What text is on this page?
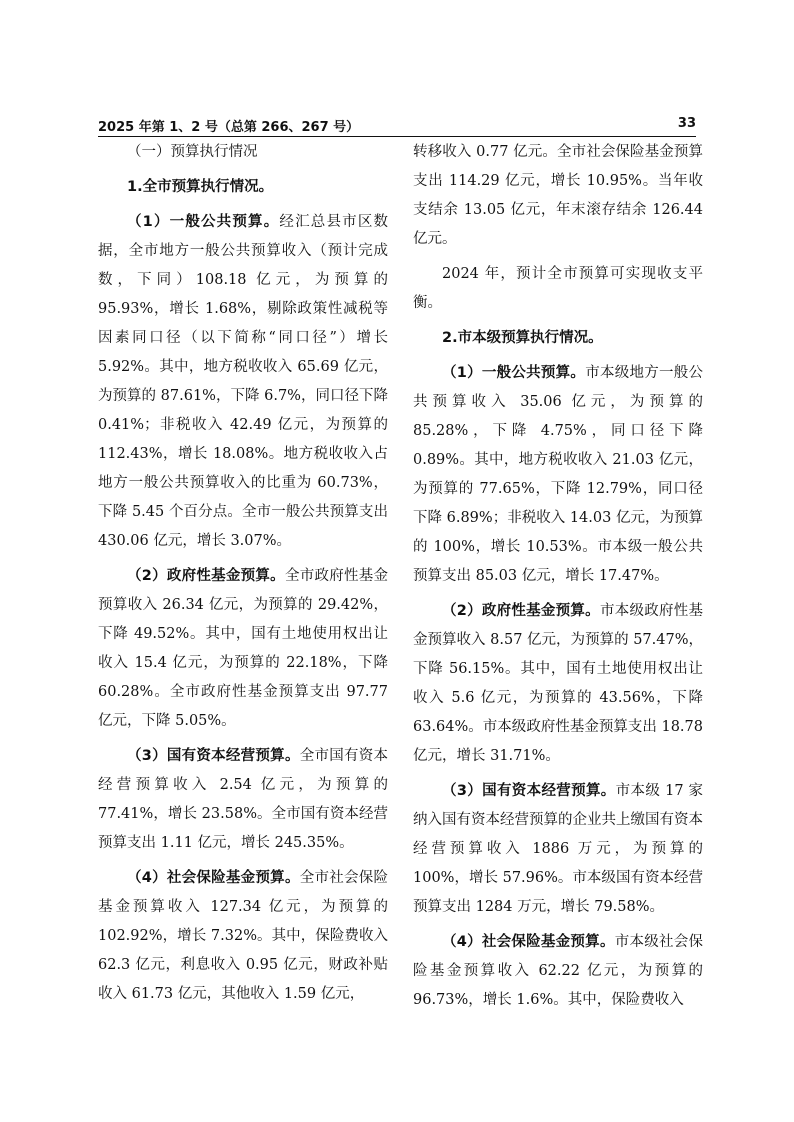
2025 年第 1、2 号（总第 266、267 号）	33

（一）预算执行情况

1.全市预算执行情况。

（1）一般公共预算。经汇总县市区数据，全市地方一般公共预算收入（预计完成数，下同）108.18 亿元，为预算的 95.93%，增长 1.68%，剔除政策性减税等因素同口径（以下简称“同口径”）增长 5.92%。其中，地方税收收入 65.69 亿元，为预算的 87.61%，下降 6.7%，同口径下降 0.41%；非税收入 42.49 亿元，为预算的 112.43%，增长 18.08%。地方税收收入占地方一般公共预算收入的比重为 60.73%，下降 5.45 个百分点。全市一般公共预算支出 430.06 亿元，增长 3.07%。

（2）政府性基金预算。全市政府性基金预算收入 26.34 亿元，为预算的 29.42%，下降 49.52%。其中，国有土地使用权出让收入 15.4 亿元，为预算的 22.18%，下降 60.28%。全市政府性基金预算支出 97.77 亿元，下降 5.05%。

（3）国有资本经营预算。全市国有资本经营预算收入 2.54 亿元，为预算的 77.41%，增长 23.58%。全市国有资本经营预算支出 1.11 亿元，增长 245.35%。

（4）社会保险基金预算。全市社会保险基金预算收入 127.34 亿元，为预算的 102.92%，增长 7.32%。其中，保险费收入 62.3 亿元，利息收入 0.95 亿元，财政补贴收入 61.73 亿元，其他收入 1.59 亿元，

转移收入 0.77 亿元。全市社会保险基金预算支出 114.29 亿元，增长 10.95%。当年收支结余 13.05 亿元，年末滚存结余 126.44 亿元。

2024 年，预计全市预算可实现收支平衡。

2.市本级预算执行情况。

（1）一般公共预算。市本级地方一般公共预算收入 35.06 亿元，为预算的 85.28%，下降 4.75%，同口径下降 0.89%。其中，地方税收收入 21.03 亿元，为预算的 77.65%，下降 12.79%，同口径下降 6.89%；非税收入 14.03 亿元，为预算的 100%，增长 10.53%。市本级一般公共预算支出 85.03 亿元，增长 17.47%。

（2）政府性基金预算。市本级政府性基金预算收入 8.57 亿元，为预算的 57.47%，下降 56.15%。其中，国有土地使用权出让收入 5.6 亿元，为预算的 43.56%，下降 63.64%。市本级政府性基金预算支出 18.78 亿元，增长 31.71%。

（3）国有资本经营预算。市本级 17 家纳入国有资本经营预算的企业共上缴国有资本经营预算收入 1886 万元，为预算的 100%，增长 57.96%。市本级国有资本经营预算支出 1284 万元，增长 79.58%。

（4）社会保险基金预算。市本级社会保险基金预算收入 62.22 亿元，为预算的 96.73%，增长 1.6%。其中，保险费收入
